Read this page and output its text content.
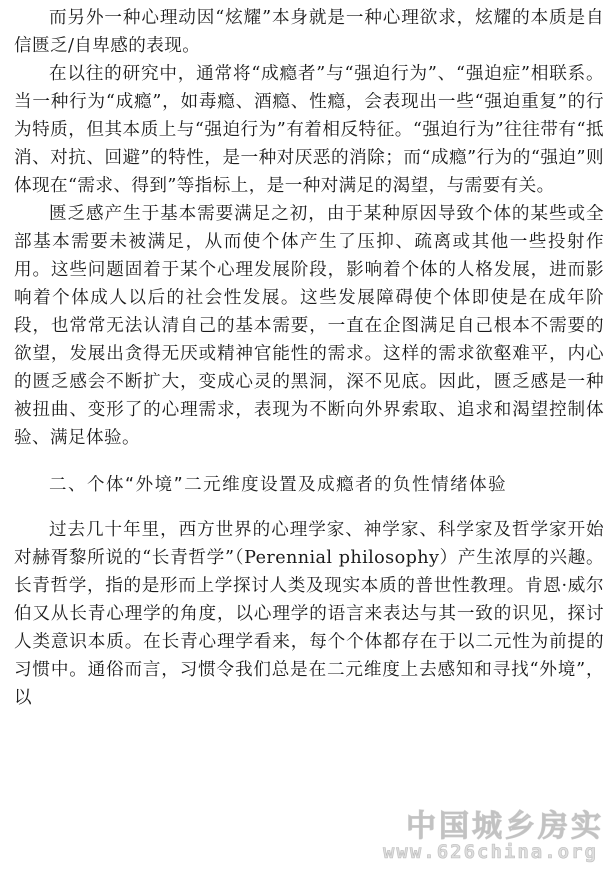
而另外一种心理动因“炫耀”本身就是一种心理欲求，炫耀的本质是自信匮乏/自卑感的表现。

在以往的研究中，通常将“成瘾者”与“强迫行为”、“强迫症”相联系。当一种行为“成瘾”，如毒瘾、酒瘾、性瘾，会表现出一些“强迫重复”的行为特质，但其本质上与“强迫行为”有着相反特征。“强迫行为”往往带有“抵消、对抗、回避”的特性，是一种对厌恶的消除；而“成瘾”行为的“强迫”则体现在“需求、得到”等指标上，是一种对满足的渴望，与需要有关。

匮乏感产生于基本需要满足之初，由于某种原因导致个体的某些或全部基本需要未被满足，从而使个体产生了压抑、疏离或其他一些投射作用。这些问题固着于某个心理发展阶段，影响着个体的人格发展，进而影响着个体成人以后的社会性发展。这些发展障碍使个体即使是在成年阶段，也常常无法认清自己的基本需要，一直在企图满足自己根本不需要的欲望，发展出贪得无厌或精神官能性的需求。这样的需求欲壑难平，内心的匮乏感会不断扩大，变成心灵的黑洞，深不见底。因此，匮乏感是一种被扭曲、变形了的心理需求，表现为不断向外界索取、追求和渴望控制体验、满足体验。

二、个体“外境”二元维度设置及成瘾者的负性情绪体验

过去几十年里，西方世界的心理学家、神学家、科学家及哲学家开始对赫胥黎所说的“长青哲学”（Perennial philosophy）产生浓厚的兴趣。长青哲学，指的是形而上学探讨人类及现实本质的普世性教理。肯恩·威尔伯又从长青心理学的角度，以心理学的语言来表达与其一致的识见，探讨人类意识本质。在长青心理学看来，每个个体都存在于以二元性为前提的习惯中。通俗而言，习惯令我们总是在二元维度上去感知和寻找“外境”，以

中国城乡房实
www.626china.org
